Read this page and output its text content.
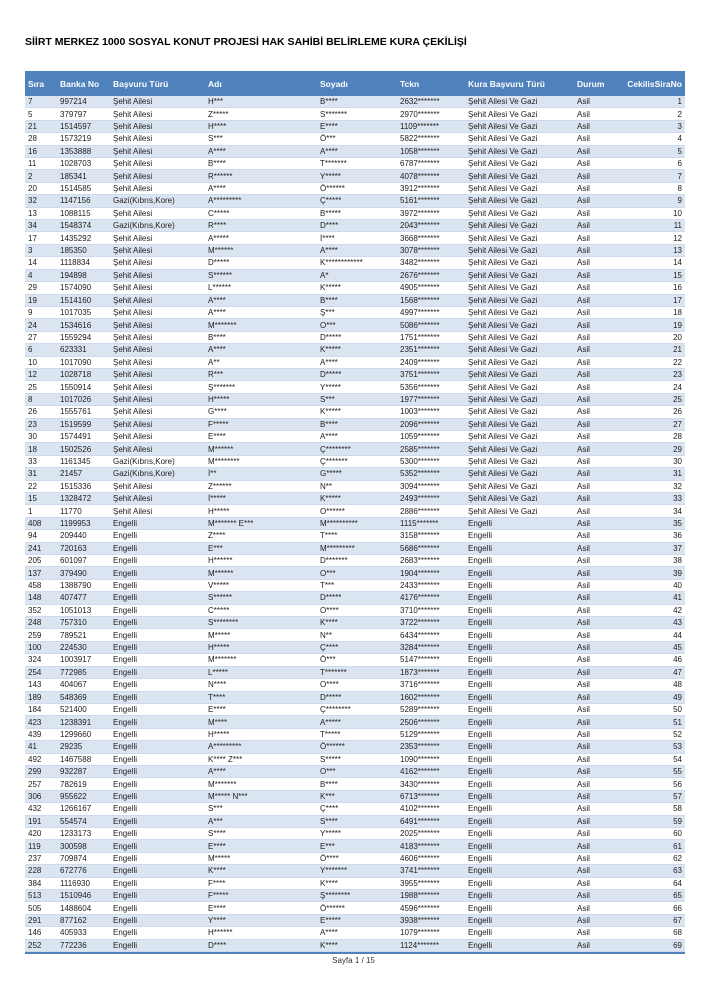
SİİRT MERKEZ 1000 SOSYAL KONUT PROJESİ HAK SAHİBİ BELİRLEME KURA ÇEKİLİŞİ
Sıra	Banka No	Başvuru Türü	Adı	Soyadı	Tckn	Kura Başvuru Türü	Durum	CekilisSiraNo
7	997214	Şehit Ailesi	H***	B****	2632*******	Şehit Ailesi Ve Gazi	Asil	1
5	379797	Şehit Ailesi	Z*****	S*******	2970*******	Şehit Ailesi Ve Gazi	Asil	2
21	1514597	Şehit Ailesi	H****	E****	1109*******	Şehit Ailesi Ve Gazi	Asil	3
28	1573219	Şehit Ailesi	S***	Ö***	5822*******	Şehit Ailesi Ve Gazi	Asil	4
16	1353888	Şehit Ailesi	A****	A****	1058*******	Şehit Ailesi Ve Gazi	Asil	5
11	1028703	Şehit Ailesi	B****	T*******	6787*******	Şehit Ailesi Ve Gazi	Asil	6
2	185341	Şehit Ailesi	R******	Y*****	4078*******	Şehit Ailesi Ve Gazi	Asil	7
20	1514585	Şehit Ailesi	A****	Ö******	3912*******	Şehit Ailesi Ve Gazi	Asil	8
32	1147156	Gazi(Kıbrıs,Kore)	A*********	Ç*****	5161*******	Şehit Ailesi Ve Gazi	Asil	9
13	1088115	Şehit Ailesi	C*****	B*****	3972*******	Şehit Ailesi Ve Gazi	Asil	10
34	1548374	Gazi(Kıbrıs,Kore)	R****	D****	2043*******	Şehit Ailesi Ve Gazi	Asil	11
17	1435292	Şehit Ailesi	A*****	İ****	3668*******	Şehit Ailesi Ve Gazi	Asil	12
3	185350	Şehit Ailesi	M******	A****	3078*******	Şehit Ailesi Ve Gazi	Asil	13
14	1118834	Şehit Ailesi	D*****	K************	3482*******	Şehit Ailesi Ve Gazi	Asil	14
4	194898	Şehit Ailesi	S******	A*	2676*******	Şehit Ailesi Ve Gazi	Asil	15
29	1574090	Şehit Ailesi	L******	K*****	4905*******	Şehit Ailesi Ve Gazi	Asil	16
19	1514160	Şehit Ailesi	A****	B****	1568*******	Şehit Ailesi Ve Gazi	Asil	17
9	1017035	Şehit Ailesi	A****	Ş***	4997*******	Şehit Ailesi Ve Gazi	Asil	18
24	1534616	Şehit Ailesi	M*******	O***	5086*******	Şehit Ailesi Ve Gazi	Asil	19
27	1559294	Şehit Ailesi	B****	D*****	1751*******	Şehit Ailesi Ve Gazi	Asil	20
6	623331	Şehit Ailesi	A****	K*****	2351*******	Şehit Ailesi Ve Gazi	Asil	21
10	1017090	Şehit Ailesi	A**	A****	2409*******	Şehit Ailesi Ve Gazi	Asil	22
12	1028718	Şehit Ailesi	R***	D*****	3751*******	Şehit Ailesi Ve Gazi	Asil	23
25	1550914	Şehit Ailesi	Ş*******	Y*****	5356*******	Şehit Ailesi Ve Gazi	Asil	24
8	1017026	Şehit Ailesi	H*****	S***	1977*******	Şehit Ailesi Ve Gazi	Asil	25
26	1555761	Şehit Ailesi	G****	K*****	1003*******	Şehit Ailesi Ve Gazi	Asil	26
23	1519599	Şehit Ailesi	F*****	B****	2096*******	Şehit Ailesi Ve Gazi	Asil	27
30	1574491	Şehit Ailesi	E****	A****	1059*******	Şehit Ailesi Ve Gazi	Asil	28
18	1502526	Şehit Ailesi	M******	Ç********	2585*******	Şehit Ailesi Ve Gazi	Asil	29
33	1161345	Gazi(Kıbrıs,Kore)	M********	Ç*******	5300*******	Şehit Ailesi Ve Gazi	Asil	30
31	21457	Gazi(Kıbrıs,Kore)	İ**	G*****	5352*******	Şehit Ailesi Ve Gazi	Asil	31
22	1515336	Şehit Ailesi	Z******	N**	3094*******	Şehit Ailesi Ve Gazi	Asil	32
15	1328472	Şehit Ailesi	İ*****	K*****	2493*******	Şehit Ailesi Ve Gazi	Asil	33
1	11770	Şehit Ailesi	H*****	O******	2886*******	Şehit Ailesi Ve Gazi	Asil	34
408	1199953	Engelli	M******* E***	M**********	1115*******	Engelli	Asil	35
94	209440	Engelli	Z****	T****	3158*******	Engelli	Asil	36
241	720163	Engelli	E***	M*********	5686*******	Engelli	Asil	37
205	601097	Engelli	H******	D*******	2683*******	Engelli	Asil	38
137	379490	Engelli	M******	O***	1904*******	Engelli	Asil	39
458	1388790	Engelli	V*****	T***	2433*******	Engelli	Asil	40
148	407477	Engelli	S******	D*****	4176*******	Engelli	Asil	41
352	1051013	Engelli	C*****	O****	3710*******	Engelli	Asil	42
248	757310	Engelli	S********	K****	3722*******	Engelli	Asil	43
259	789521	Engelli	M*****	N**	6434*******	Engelli	Asil	44
100	224530	Engelli	H*****	Ç****	3284*******	Engelli	Asil	45
324	1003917	Engelli	M*******	Ö***	5147*******	Engelli	Asil	46
254	772985	Engelli	L*****	T*******	1873*******	Engelli	Asil	47
143	404067	Engelli	N****	O****	3716*******	Engelli	Asil	48
189	548369	Engelli	T****	D*****	1602*******	Engelli	Asil	49
184	521400	Engelli	E****	Ç********	5289*******	Engelli	Asil	50
423	1238391	Engelli	M****	A*****	2506*******	Engelli	Asil	51
439	1299660	Engelli	H*****	T*****	5129*******	Engelli	Asil	52
41	29235	Engelli	A*********	Ö******	2353*******	Engelli	Asil	53
492	1467588	Engelli	K**** Z***	S*****	1090*******	Engelli	Asil	54
299	932287	Engelli	A****	O***	4162*******	Engelli	Asil	55
257	782619	Engelli	M*******	B****	3430*******	Engelli	Asil	56
306	955622	Engelli	M***** N***	K***	6713*******	Engelli	Asil	57
432	1266167	Engelli	S***	Ç****	4102*******	Engelli	Asil	58
191	554574	Engelli	A***	S****	6491*******	Engelli	Asil	59
420	1233173	Engelli	S****	Y*****	2025*******	Engelli	Asil	60
119	300598	Engelli	E****	E***	4183*******	Engelli	Asil	61
237	709874	Engelli	M*****	Ö****	4606*******	Engelli	Asil	62
228	672776	Engelli	K****	Y*******	3741*******	Engelli	Asil	63
384	1116930	Engelli	F****	K****	3955*******	Engelli	Asil	64
513	1510946	Engelli	F*****	Ş********	1988*******	Engelli	Asil	65
505	1488604	Engelli	E****	Ö******	4596*******	Engelli	Asil	66
291	877162	Engelli	Y****	E*****	3938*******	Engelli	Asil	67
146	405933	Engelli	H******	A****	1079*******	Engelli	Asil	68
252	772236	Engelli	D****	K****	1124*******	Engelli	Asil	69
Sayfa 1 / 15
